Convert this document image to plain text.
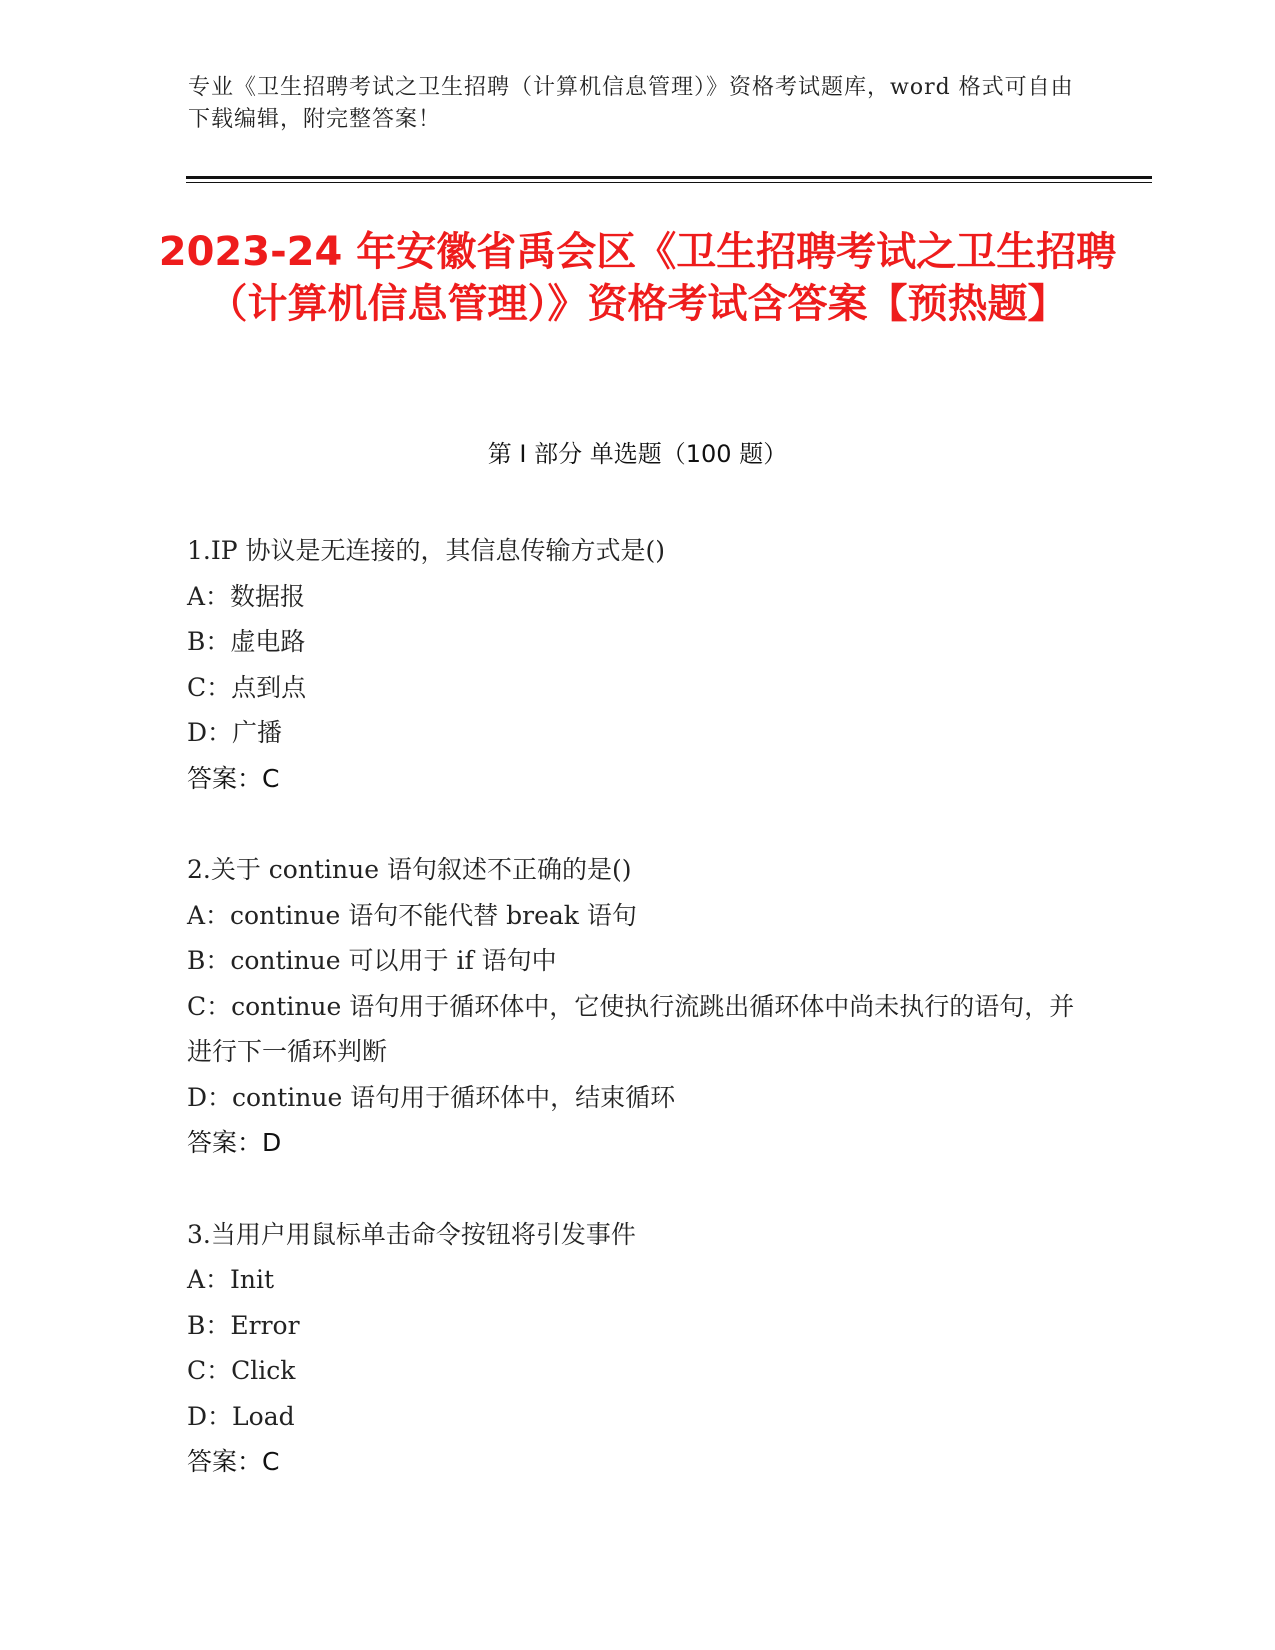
专业《卫生招聘考试之卫生招聘（计算机信息管理）》资格考试题库，word 格式可自由下载编辑，附完整答案！
2023-24 年安徽省禹会区《卫生招聘考试之卫生招聘（计算机信息管理）》资格考试含答案【预热题】
第 I 部分 单选题（100 题）

1.IP 协议是无连接的，其信息传输方式是()

A：数据报

B：虚电路

C：点到点

D：广播

答案：C

2.关于 continue 语句叙述不正确的是()

A：continue 语句不能代替 break 语句

B：continue 可以用于 if 语句中

C：continue 语句用于循环体中，它使执行流跳出循环体中尚未执行的语句，并进行下一循环判断

D：continue 语句用于循环体中，结束循环

答案：D

3.当用户用鼠标单击命令按钮将引发事件

A：Init

B：Error

C：Click

D：Load

答案：C
